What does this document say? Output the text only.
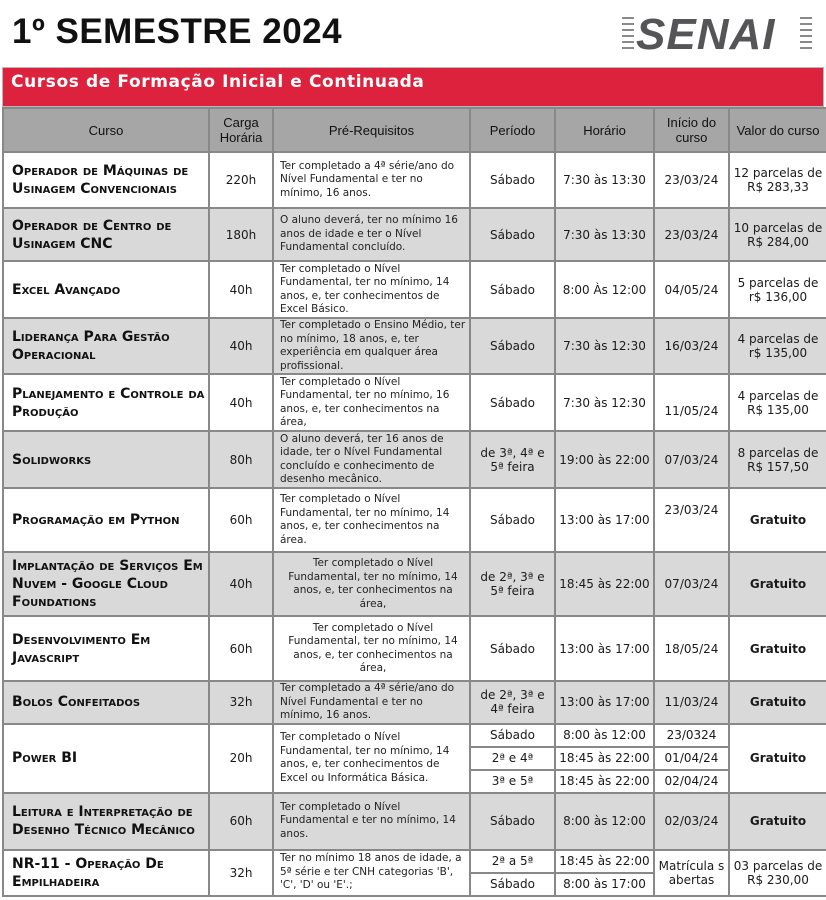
1º SEMESTRE 2024	SENAI
Cursos de Formação Inicial e Continuada
Curso	Carga Horária	Pré-Requisitos	Período	Horário	Início do curso	Valor do curso
Operador de Máquinas de Usinagem Convencionais	220h	Ter completado a 4ª série/ano do Nível Fundamental e ter no mínimo, 16 anos.	Sábado	7:30 às 13:30	23/03/24	12 parcelas de R$ 283,33
Operador de Centro de Usinagem CNC	180h	O aluno deverá, ter no mínimo 16 anos de idade e ter o Nível Fundamental concluído.	Sábado	7:30 às 13:30	23/03/24	10 parcelas de R$ 284,00
Excel Avançado	40h	Ter completado o Nível Fundamental, ter no mínimo, 14 anos, e, ter conhecimentos de Excel Básico.	Sábado	8:00 Às 12:00	04/05/24	5 parcelas de r$ 136,00
Liderança Para Gestão Operacional	40h	Ter completado o Ensino Médio, ter no mínimo, 18 anos, e, ter experiência em qualquer área profissional.	Sábado	7:30 às 12:30	16/03/24	4 parcelas de r$ 135,00
Planejamento e Controle da Produção	40h	Ter completado o Nível Fundamental, ter no mínimo, 16 anos, e, ter conhecimentos na área,	Sábado	7:30 às 12:30	11/05/24	4 parcelas de R$ 135,00
Solidworks	80h	O aluno deverá, ter 16 anos de idade, ter o Nível Fundamental concluído e conhecimento de desenho mecânico.	de 3ª, 4ª e 5ª feira	19:00 às 22:00	07/03/24	8 parcelas de R$ 157,50
Programação em Python	60h	Ter completado o Nível Fundamental, ter no mínimo, 14 anos, e, ter conhecimentos na área.	Sábado	13:00 às 17:00	23/03/24	Gratuito
Implantação de Serviços Em Nuvem - Google Cloud Foundations	40h	Ter completado o Nível Fundamental, ter no mínimo, 14 anos, e, ter conhecimentos na área,	de 2ª, 3ª e 5ª feira	18:45 às 22:00	07/03/24	Gratuito
Desenvolvimento Em Javascript	60h	Ter completado o Nível Fundamental, ter no mínimo, 14 anos, e, ter conhecimentos na área,	Sábado	13:00 às 17:00	18/05/24	Gratuito
Bolos Confeitados	32h	Ter completado a 4ª série/ano do Nível Fundamental e ter no mínimo, 16 anos.	de 2ª, 3ª e 4ª feira	13:00 às 17:00	11/03/24	Gratuito
Power BI	20h	Ter completado o Nível Fundamental, ter no mínimo, 14 anos, e, ter conhecimentos de Excel ou Informática Básica.	Sábado	8:00 às 12:00	23/0324	Gratuito
			2ª e 4ª	18:45 às 22:00	01/04/24	
			3ª e 5ª	18:45 às 22:00	02/04/24	
Leitura e Interpretação de Desenho Técnico Mecânico	60h	Ter completado o Nível Fundamental e ter no mínimo, 14 anos.	Sábado	8:00 às 12:00	02/03/24	Gratuito
NR-11 - Operação De Empilhadeira	32h	Ter no mínimo 18 anos de idade, a 5ª série e ter CNH categorias 'B', 'C', 'D' ou 'E'.;	2ª a 5ª	18:45 às 22:00	Matrícula s abertas	03 parcelas de R$ 230,00
			Sábado	8:00 às 17:00		
